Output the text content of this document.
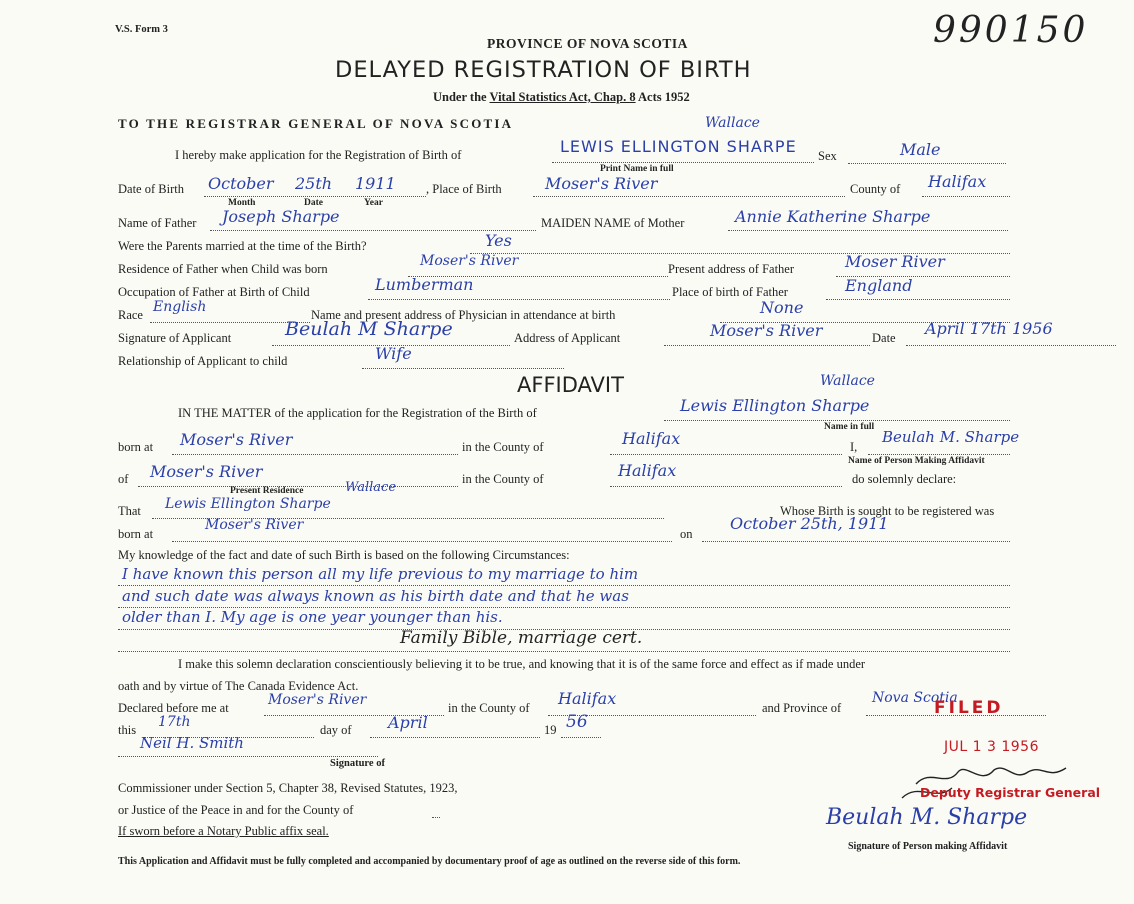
V.S. Form 3	990150
PROVINCE OF NOVA SCOTIA
DELAYED REGISTRATION OF BIRTH
Under the Vital Statistics Act, Chap. 8 Acts 1952
TO THE REGISTRAR GENERAL OF NOVA SCOTIA
I hereby make application for the Registration of Birth of
Wallace
LEWIS ELLINGTON SHARPE
Print Name in full
Sex	Male
Date of Birth October 25th 1911 , Place of Birth	Moser's River	County of Halifax
Month	Date	Year
Name of Father Joseph Sharpe	MAIDEN NAME of Mother	Annie Katherine Sharpe
Were the Parents married at the time of the Birth?	Yes
Residence of Father when Child was born	Moser's River	Present address of Father	Moser River
Occupation of Father at Birth of Child	Lumberman	Place of birth of Father	England
Race English	Name and present address of Physician in attendance at birth	None
Signature of Applicant	Beulah M Sharpe	Address of Applicant	Moser's River	Date April 17th 1956
Relationship of Applicant to child	Wife
AFFIDAVIT
IN THE MATTER of the application for the Registration of the Birth of
Wallace
Lewis Ellington Sharpe
Name in full
born at Moser's River	in the County of	Halifax	I,
Beulah M. Sharpe
Name of Person Making Affidavit
of Moser's River	in the County of	Halifax	do solemnly declare:
Present Residence
That
Wallace
Lewis Ellington Sharpe	Whose Birth is sought to be registered was
born at
Moser's River
on
October 25th, 1911
My knowledge of the fact and date of such Birth is based on the following Circumstances:
I have known this person all my life previous to my marriage to him
and such date was always known as his birth date and that he was
older than I. My age is one year younger than his.
Family Bible, marriage cert.
I make this solemn declaration conscientiously believing it to be true, and knowing that it is of the same force and effect as if made under
oath and by virtue of The Canada Evidence Act.
Declared before me at	Moser's River	in the County of Halifax	and Province of
Nova Scotia
FILED
this 17th	day of April	19 56
JUL 1 3 1956
Neil H. Smith
Signature of
Deputy Registrar General
Commissioner under Section 5, Chapter 38, Revised Statutes, 1923,
or Justice of the Peace in and for the County of
If sworn before a Notary Public affix seal.
Beulah M. Sharpe
Signature of Person making Affidavit
This Application and Affidavit must be fully completed and accompanied by documentary proof of age as outlined on the reverse side of this form.
